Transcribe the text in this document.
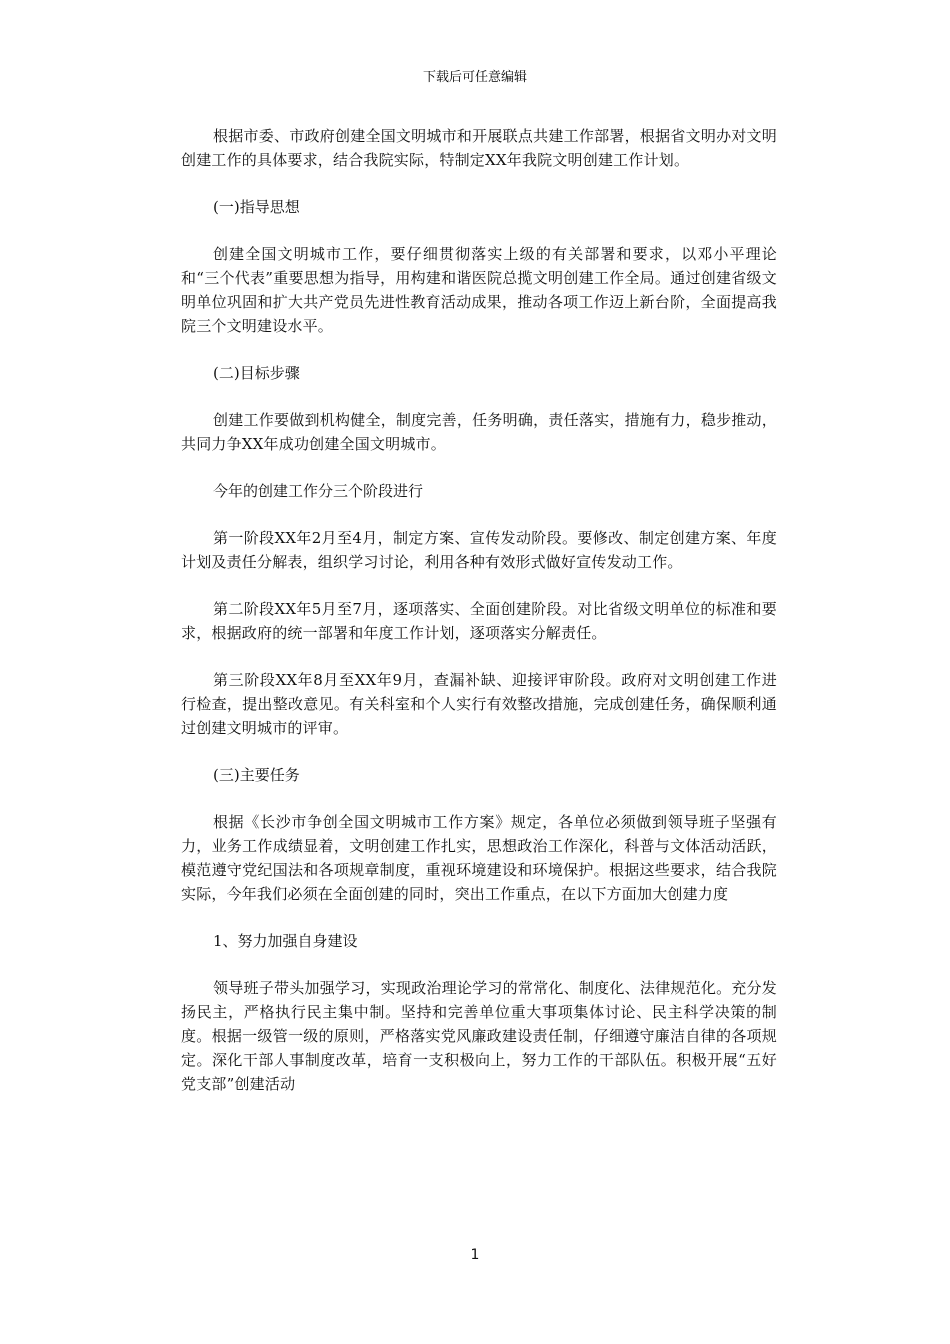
下载后可任意编辑

根据市委、市政府创建全国文明城市和开展联点共建工作部署，根据省文明办对文明创建工作的具体要求，结合我院实际，特制定XX年我院文明创建工作计划。

(一)指导思想

创建全国文明城市工作，要仔细贯彻落实上级的有关部署和要求，以邓小平理论和“三个代表”重要思想为指导，用构建和谐医院总揽文明创建工作全局。通过创建省级文明单位巩固和扩大共产党员先进性教育活动成果，推动各项工作迈上新台阶，全面提高我院三个文明建设水平。

(二)目标步骤

创建工作要做到机构健全，制度完善，任务明确，责任落实，措施有力，稳步推动，共同力争XX年成功创建全国文明城市。

今年的创建工作分三个阶段进行

第一阶段XX年2月至4月，制定方案、宣传发动阶段。要修改、制定创建方案、年度计划及责任分解表，组织学习讨论，利用各种有效形式做好宣传发动工作。

第二阶段XX年5月至7月，逐项落实、全面创建阶段。对比省级文明单位的标准和要求，根据政府的统一部署和年度工作计划，逐项落实分解责任。

第三阶段XX年8月至XX年9月，查漏补缺、迎接评审阶段。政府对文明创建工作进行检查，提出整改意见。有关科室和个人实行有效整改措施，完成创建任务，确保顺利通过创建文明城市的评审。

(三)主要任务

根据《长沙市争创全国文明城市工作方案》规定，各单位必须做到领导班子坚强有力，业务工作成绩显着，文明创建工作扎实，思想政治工作深化，科普与文体活动活跃，模范遵守党纪国法和各项规章制度，重视环境建设和环境保护。根据这些要求，结合我院实际，今年我们必须在全面创建的同时，突出工作重点，在以下方面加大创建力度

1、努力加强自身建设

领导班子带头加强学习，实现政治理论学习的常常化、制度化、法律规范化。充分发扬民主，严格执行民主集中制。坚持和完善单位重大事项集体讨论、民主科学决策的制度。根据一级管一级的原则，严格落实党风廉政建设责任制，仔细遵守廉洁自律的各项规定。深化干部人事制度改革，培育一支积极向上，努力工作的干部队伍。积极开展“五好党支部”创建活动

1
